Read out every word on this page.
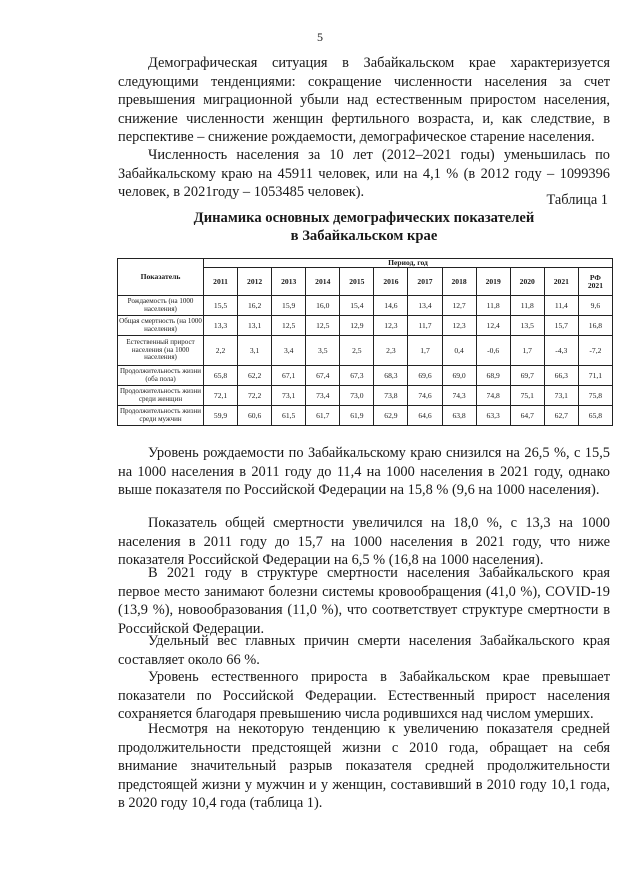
5

Демографическая ситуация в Забайкальском крае характеризуется следующими тенденциями: сокращение численности населения за счет превышения миграционной убыли над естественным приростом населения, снижение численности женщин фертильного возраста, и, как следствие, в перспективе – снижение рождаемости, демографическое старение населения.

Численность населения за 10 лет (2012–2021 годы) уменьшилась по Забайкальскому краю на 45911 человек, или на 4,1 % (в 2012 году – 1099396 человек, в 2021году – 1053485 человек).	Таблица 1
Динамика основных демографических показателей
в Забайкальском крае
Показатель	Период, год											
	2011	2012	2013	2014	2015	2016	2017	2018	2019	2020	2021	РФ
2021

Рождаемость (на 1000 населения)	15,5	16,2	15,9	16,0	15,4	14,6	13,4	12,7	11,8	11,8	11,4	9,6
Общая смертность (на 1000 населения)	13,3	13,1	12,5	12,5	12,9	12,3	11,7	12,3	12,4	13,5	15,7	16,8
Естественный прирост населения (на 1000 населения)	2,2	3,1	3,4	3,5	2,5	2,3	1,7	0,4	-0,6	1,7	-4,3	-7,2
Продолжительность жизни (оба пола)	65,8	62,2	67,1	67,4	67,3	68,3	69,6	69,0	68,9	69,7	66,3	71,1
Продолжительность жизни среди женщин	72,1	72,2	73,1	73,4	73,0	73,8	74,6	74,3	74,8	75,1	73,1	75,8
Продолжительность жизни среди мужчин	59,9	60,6	61,5	61,7	61,9	62,9	64,6	63,8	63,3	64,7	62,7	65,8

Уровень рождаемости по Забайкальскому краю снизился на 26,5 %, с 15,5 на 1000 населения в 2011 году до 11,4 на 1000 населения в 2021 году, однако выше показателя по Российской Федерации на 15,8 % (9,6 на 1000 населения).

Показатель общей смертности увеличился на 18,0 %, с 13,3 на 1000 населения в 2011 году до 15,7 на 1000 населения в 2021 году, что ниже показателя Российской Федерации на 6,5 % (16,8 на 1000 населения).

В 2021 году в структуре смертности населения Забайкальского края первое место занимают болезни системы кровообращения (41,0 %), COVID-19 (13,9 %), новообразования (11,0 %), что соответствует структуре смертности в Российской Федерации.

Удельный вес главных причин смерти населения Забайкальского края составляет около 66 %.

Уровень естественного прироста в Забайкальском крае превышает показатели по Российской Федерации. Естественный прирост населения сохраняется благодаря превышению числа родившихся над числом умерших.

Несмотря на некоторую тенденцию к увеличению показателя средней продолжительности предстоящей жизни с 2010 года, обращает на себя внимание значительный разрыв показателя средней продолжительности предстоящей жизни у мужчин и у женщин, составивший в 2010 году 10,1 года, в 2020 году 10,4 года (таблица 1).
